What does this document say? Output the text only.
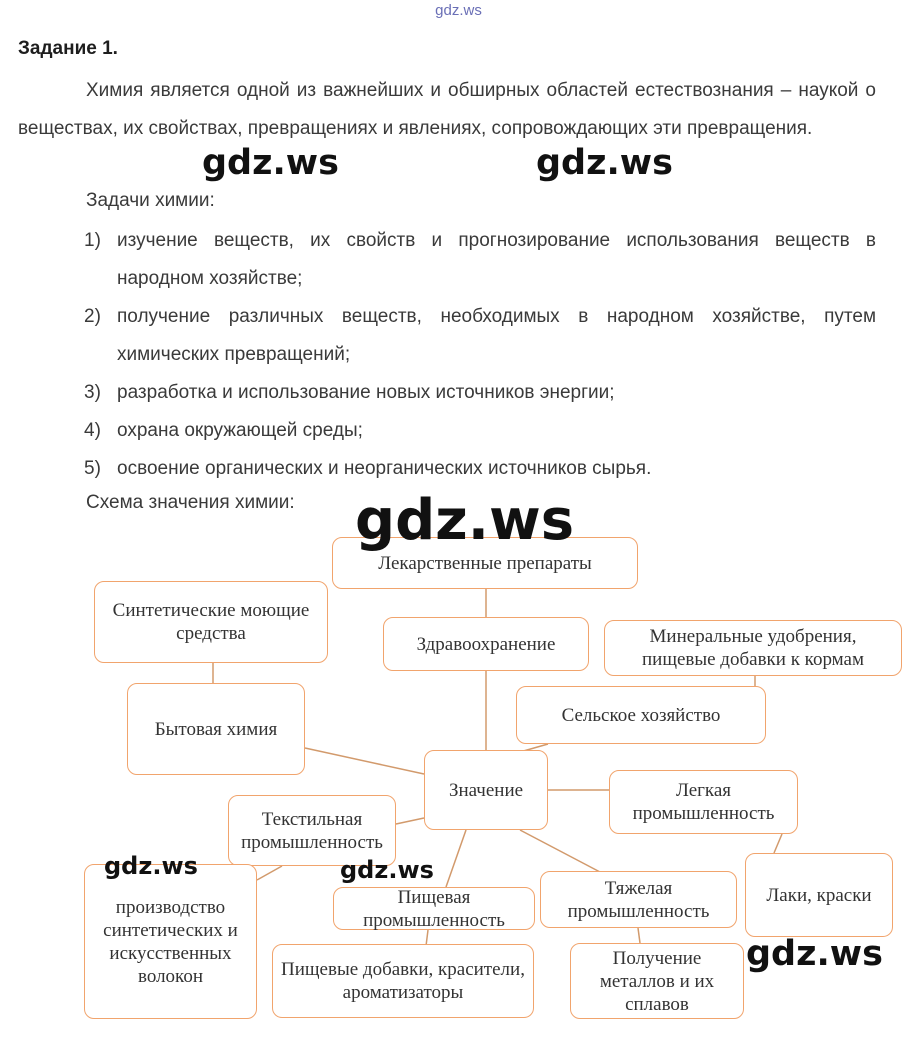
gdz.ws
Задание 1.
Химия является одной из важнейших и обширных областей естествознания – наукой о веществах, их свойствах, превращениях и явлениях, сопровождающих эти превращения.
Задачи химии:
1) изучение веществ, их свойств и прогнозирование использования веществ в народном хозяйстве;
2) получение различных веществ, необходимых в народном хозяйстве, путем химических превращений;
3) разработка и использование новых источников энергии;
4) охрана окружающей среды;
5) освоение органических и неорганических источников сырья.
Схема значения химии:
Лекарственные препараты
Здравоохранение
Синтетические моющие средства
Бытовая химия
Минеральные удобрения, пищевые добавки к кормам
Сельское хозяйство
Значение	Легкая промышленность
Лаки, краски
Текстильная промышленность
производство синтетических и искусственных волокон
Пищевая промышленность
Пищевые добавки, красители, ароматизаторы
Тяжелая промышленность
Получение металлов и их сплавов
gdz.ws	gdz.ws
gdz.ws
gdz.ws	gdz.ws
gdz.ws
